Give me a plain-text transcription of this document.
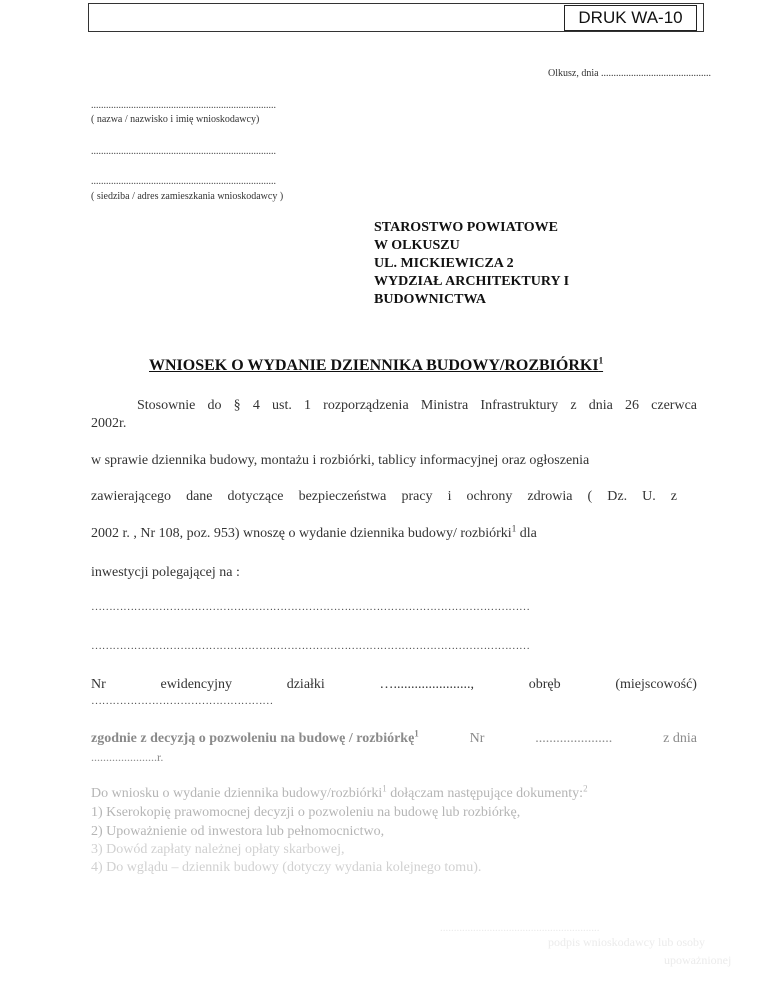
DRUK WA-10
Olkusz, dnia ............................................
..........................................................................
( nazwa / nazwisko i imię wnioskodawcy)
..........................................................................
..........................................................................
( siedziba / adres zamieszkania wnioskodawcy )
STAROSTWO POWIATOWE
W OLKUSZU
UL. MICKIEWICZA 2
WYDZIAŁ ARCHITEKTURY I
BUDOWNICTWA
WNIOSEK O WYDANIE DZIENNIKA BUDOWY/ROZBIÓRKI$^1$
Stosownie do § 4 ust. 1 rozporządzenia Ministra Infrastruktury z dnia 26 czerwca
2002r.
w sprawie dziennika budowy, montażu i rozbiórki, tablicy informacyjnej oraz ogłoszenia
zawierającego dane dotyczące bezpieczeństwa pracy i ochrony zdrowia ( Dz. U. z
2002 r. , Nr 108, poz. 953) wnoszę o wydanie dziennika budowy/ rozbiórki$^1$ dla
inwestycji polegającej na :
……………………………………………………………………………………………………………
……………………………………………………………………………………………………………
Nr	ewidencyjny	działki	…......................,	obręb	(miejscowość)
……………………………………………
zgodnie z decyzją o pozwoleniu na budowę / rozbiórkę$^1$	Nr	......................	z dnia
......................r.
Do wniosku o wydanie dziennika budowy/rozbiórki$^1$ dołączam następujące dokumenty:$^2$
1) Kserokopię prawomocnej decyzji o pozwoleniu na budowę lub rozbiórkę,
2) Upoważnienie od inwestora lub pełnomocnictwo,
3) Dowód zapłaty należnej opłaty skarbowej,
4) Do wglądu – dziennik budowy (dotyczy wydania kolejnego tomu).
..........................................................
podpis wnioskodawcy lub osoby
upoważnionej
